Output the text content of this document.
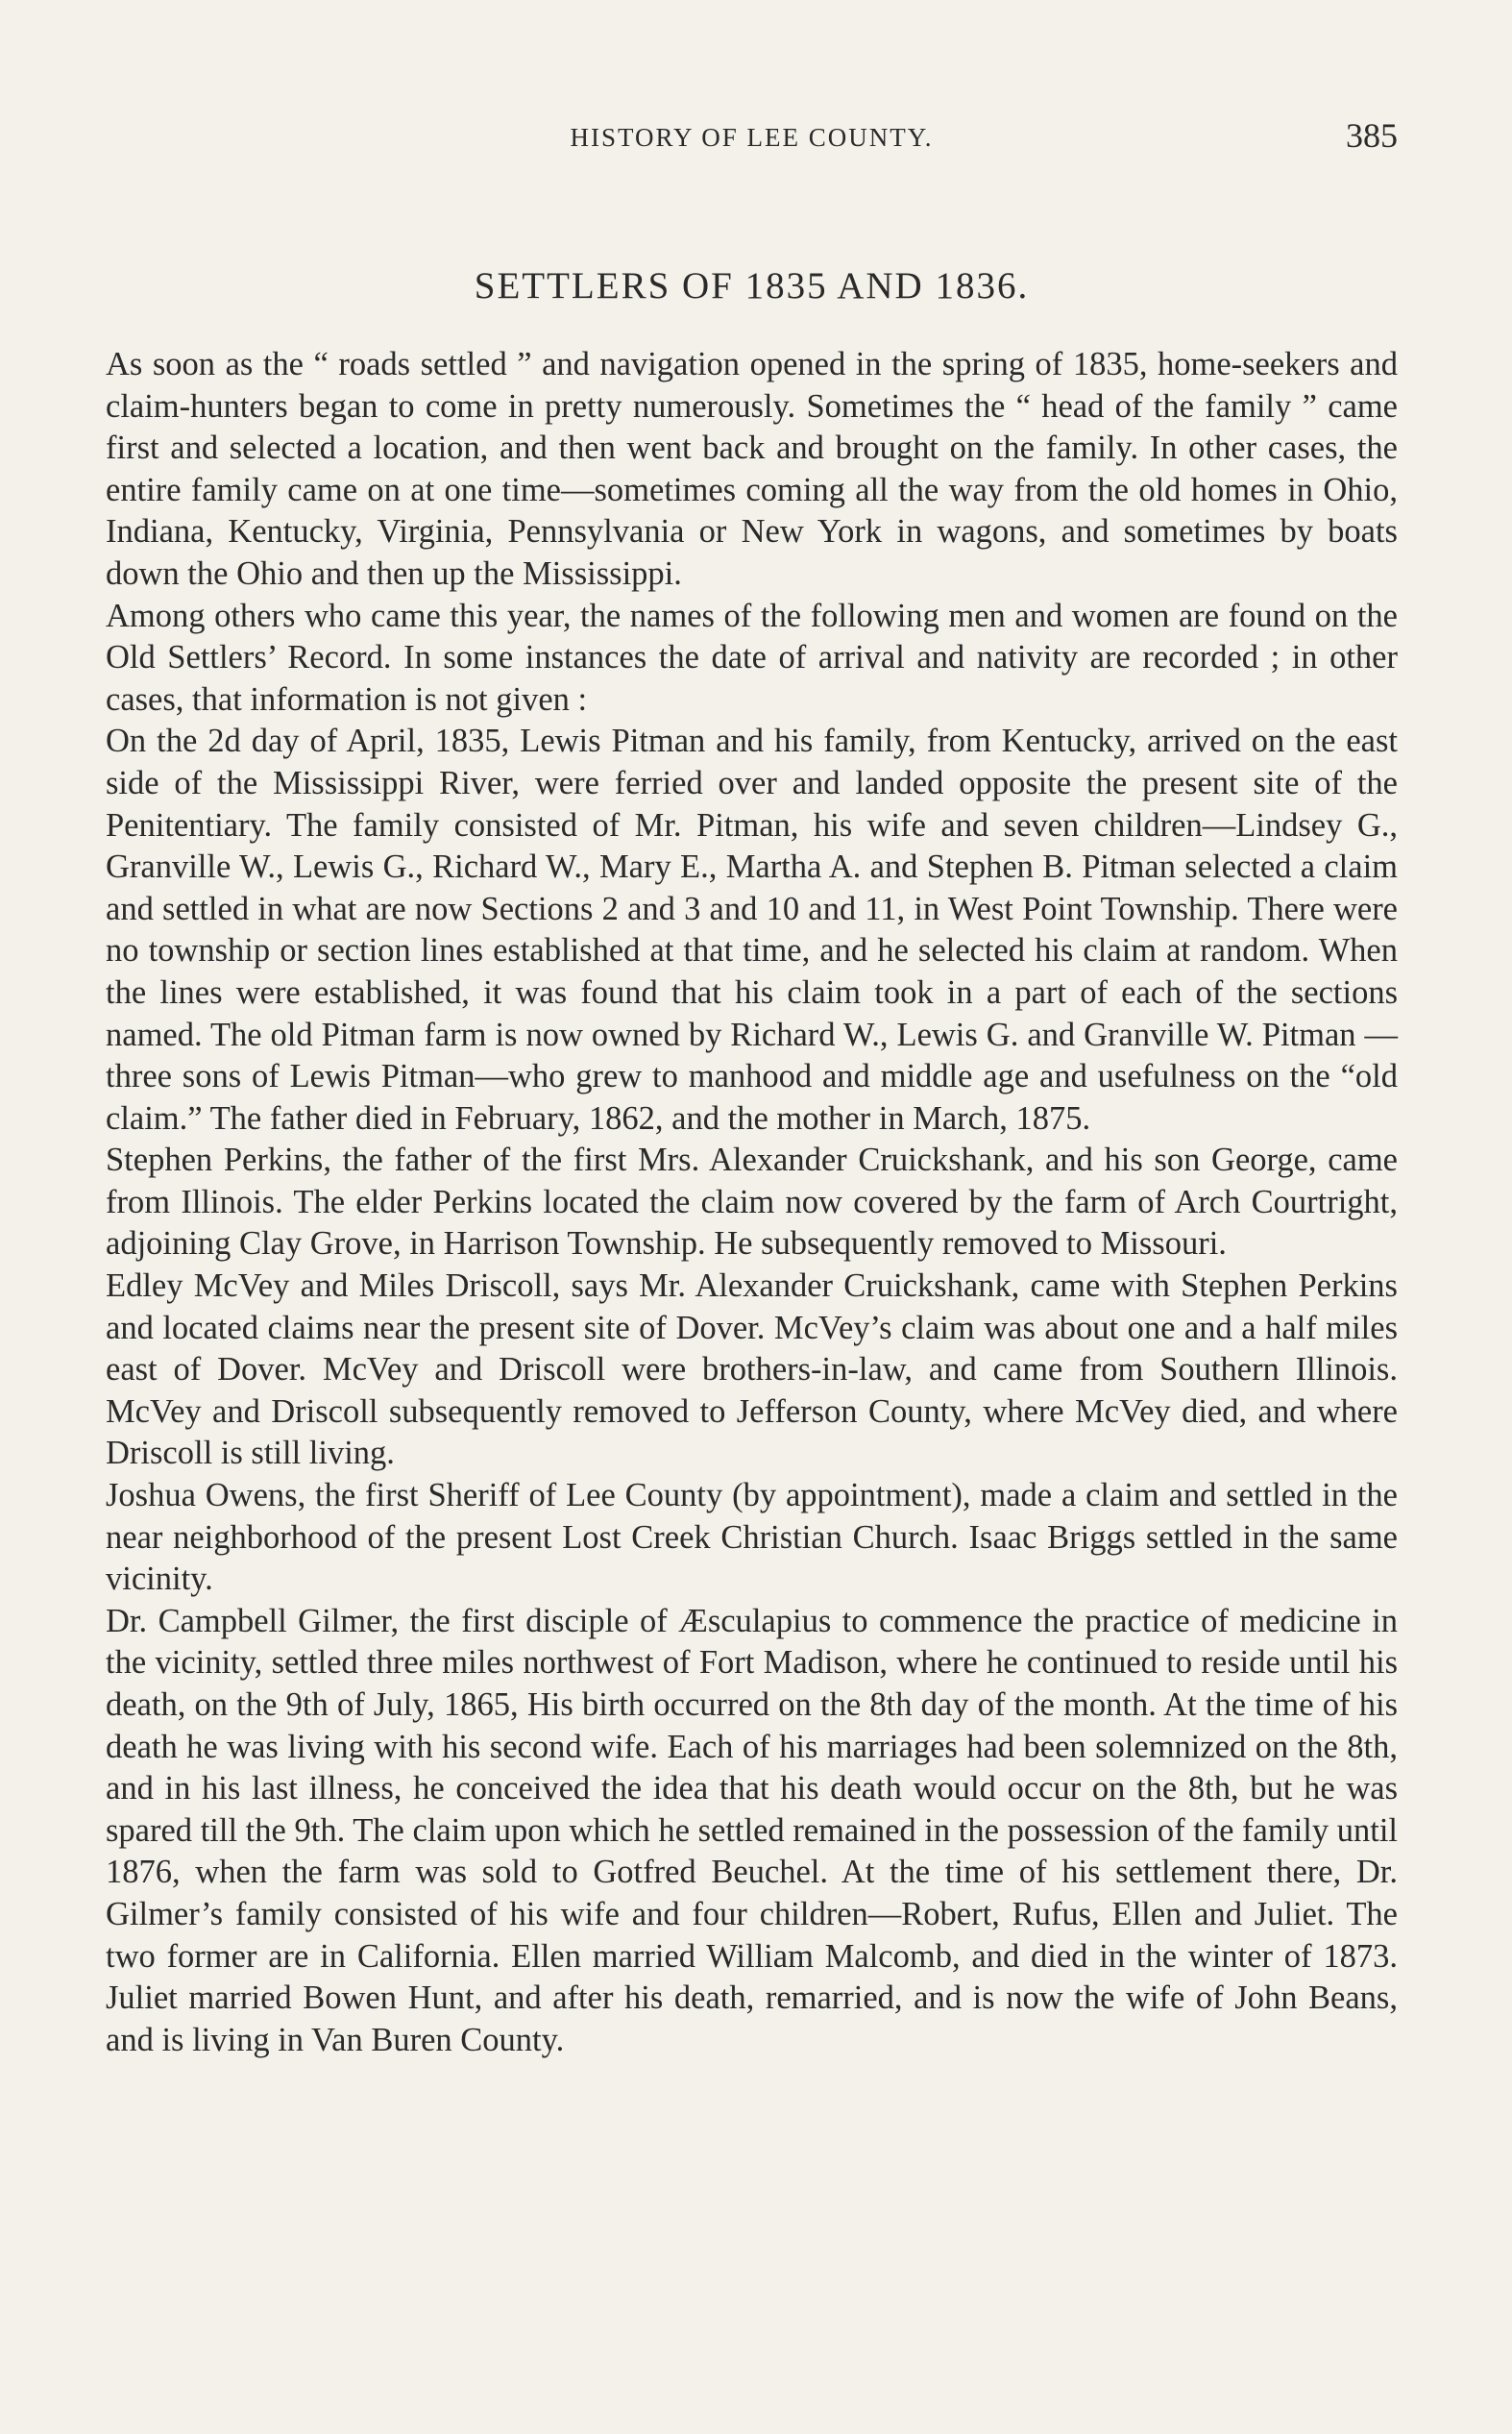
HISTORY OF LEE COUNTY.	385
SETTLERS OF 1835 AND 1836.

As soon as the “ roads settled ” and navigation opened in the spring of 1835, home-seekers and claim-hunters began to come in pretty numerously. Sometimes the “ head of the family ” came first and selected a location, and then went back and brought on the family. In other cases, the entire family came on at one time—sometimes coming all the way from the old homes in Ohio, Indiana, Kentucky, Virginia, Pennsylvania or New York in wagons, and sometimes by boats down the Ohio and then up the Mississippi.

Among others who came this year, the names of the following men and women are found on the Old Settlers’ Record. In some instances the date of arrival and nativity are recorded ; in other cases, that information is not given :

On the 2d day of April, 1835, Lewis Pitman and his family, from Kentucky, arrived on the east side of the Mississippi River, were ferried over and landed opposite the present site of the Penitentiary. The family consisted of Mr. Pitman, his wife and seven children—Lindsey G., Granville W., Lewis G., Richard W., Mary E., Martha A. and Stephen B. Pitman selected a claim and settled in what are now Sections 2 and 3 and 10 and 11, in West Point Township. There were no township or section lines established at that time, and he selected his claim at random. When the lines were established, it was found that his claim took in a part of each of the sections named. The old Pitman farm is now owned by Richard W., Lewis G. and Granville W. Pitman —three sons of Lewis Pitman—who grew to manhood and middle age and usefulness on the “old claim.” The father died in February, 1862, and the mother in March, 1875.

Stephen Perkins, the father of the first Mrs. Alexander Cruickshank, and his son George, came from Illinois. The elder Perkins located the claim now covered by the farm of Arch Courtright, adjoining Clay Grove, in Harrison Township. He subsequently removed to Missouri.

Edley McVey and Miles Driscoll, says Mr. Alexander Cruickshank, came with Stephen Perkins and located claims near the present site of Dover. McVey’s claim was about one and a half miles east of Dover. McVey and Driscoll were brothers-in-law, and came from Southern Illinois. McVey and Driscoll subsequently removed to Jefferson County, where McVey died, and where Driscoll is still living.

Joshua Owens, the first Sheriff of Lee County (by appointment), made a claim and settled in the near neighborhood of the present Lost Creek Christian Church. Isaac Briggs settled in the same vicinity.

Dr. Campbell Gilmer, the first disciple of Æsculapius to commence the practice of medicine in the vicinity, settled three miles northwest of Fort Madison, where he continued to reside until his death, on the 9th of July, 1865, His birth occurred on the 8th day of the month. At the time of his death he was living with his second wife. Each of his marriages had been solemnized on the 8th, and in his last illness, he conceived the idea that his death would occur on the 8th, but he was spared till the 9th. The claim upon which he settled remained in the possession of the family until 1876, when the farm was sold to Gotfred Beuchel. At the time of his settlement there, Dr. Gilmer’s family consisted of his wife and four children—Robert, Rufus, Ellen and Juliet. The two former are in California. Ellen married William Malcomb, and died in the winter of 1873. Juliet married Bowen Hunt, and after his death, remarried, and is now the wife of John Beans, and is living in Van Buren County.
